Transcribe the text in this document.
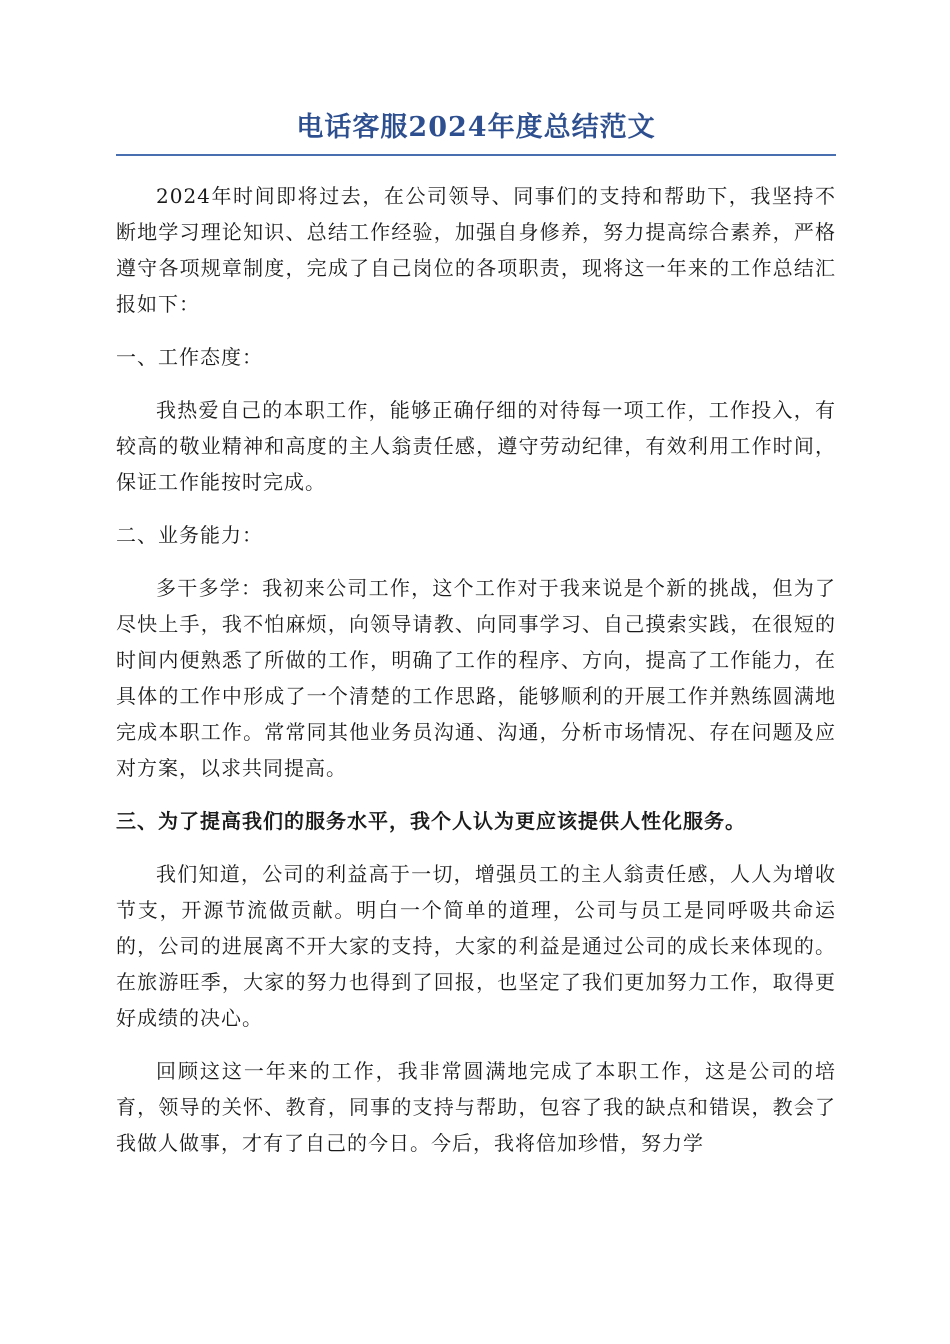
电话客服2024年度总结范文

2024年时间即将过去，在公司领导、同事们的支持和帮助下，我坚持不断地学习理论知识、总结工作经验，加强自身修养，努力提高综合素养，严格遵守各项规章制度，完成了自己岗位的各项职责，现将这一年来的工作总结汇报如下：

一、工作态度：

我热爱自己的本职工作，能够正确仔细的对待每一项工作，工作投入，有较高的敬业精神和高度的主人翁责任感，遵守劳动纪律，有效利用工作时间，保证工作能按时完成。

二、业务能力：

多干多学：我初来公司工作，这个工作对于我来说是个新的挑战，但为了尽快上手，我不怕麻烦，向领导请教、向同事学习、自己摸索实践，在很短的时间内便熟悉了所做的工作，明确了工作的程序、方向，提高了工作能力，在具体的工作中形成了一个清楚的工作思路，能够顺利的开展工作并熟练圆满地完成本职工作。常常同其他业务员沟通、沟通，分析市场情况、存在问题及应对方案，以求共同提高。

三、为了提高我们的服务水平，我个人认为更应该提供人性化服务。

我们知道，公司的利益高于一切，增强员工的主人翁责任感，人人为增收节支，开源节流做贡献。明白一个简单的道理，公司与员工是同呼吸共命运的，公司的进展离不开大家的支持，大家的利益是通过公司的成长来体现的。在旅游旺季，大家的努力也得到了回报，也坚定了我们更加努力工作，取得更好成绩的决心。

回顾这这一年来的工作，我非常圆满地完成了本职工作，这是公司的培育，领导的关怀、教育，同事的支持与帮助，包容了我的缺点和错误，教会了我做人做事，才有了自己的今日。今后，我将倍加珍惜，努力学
